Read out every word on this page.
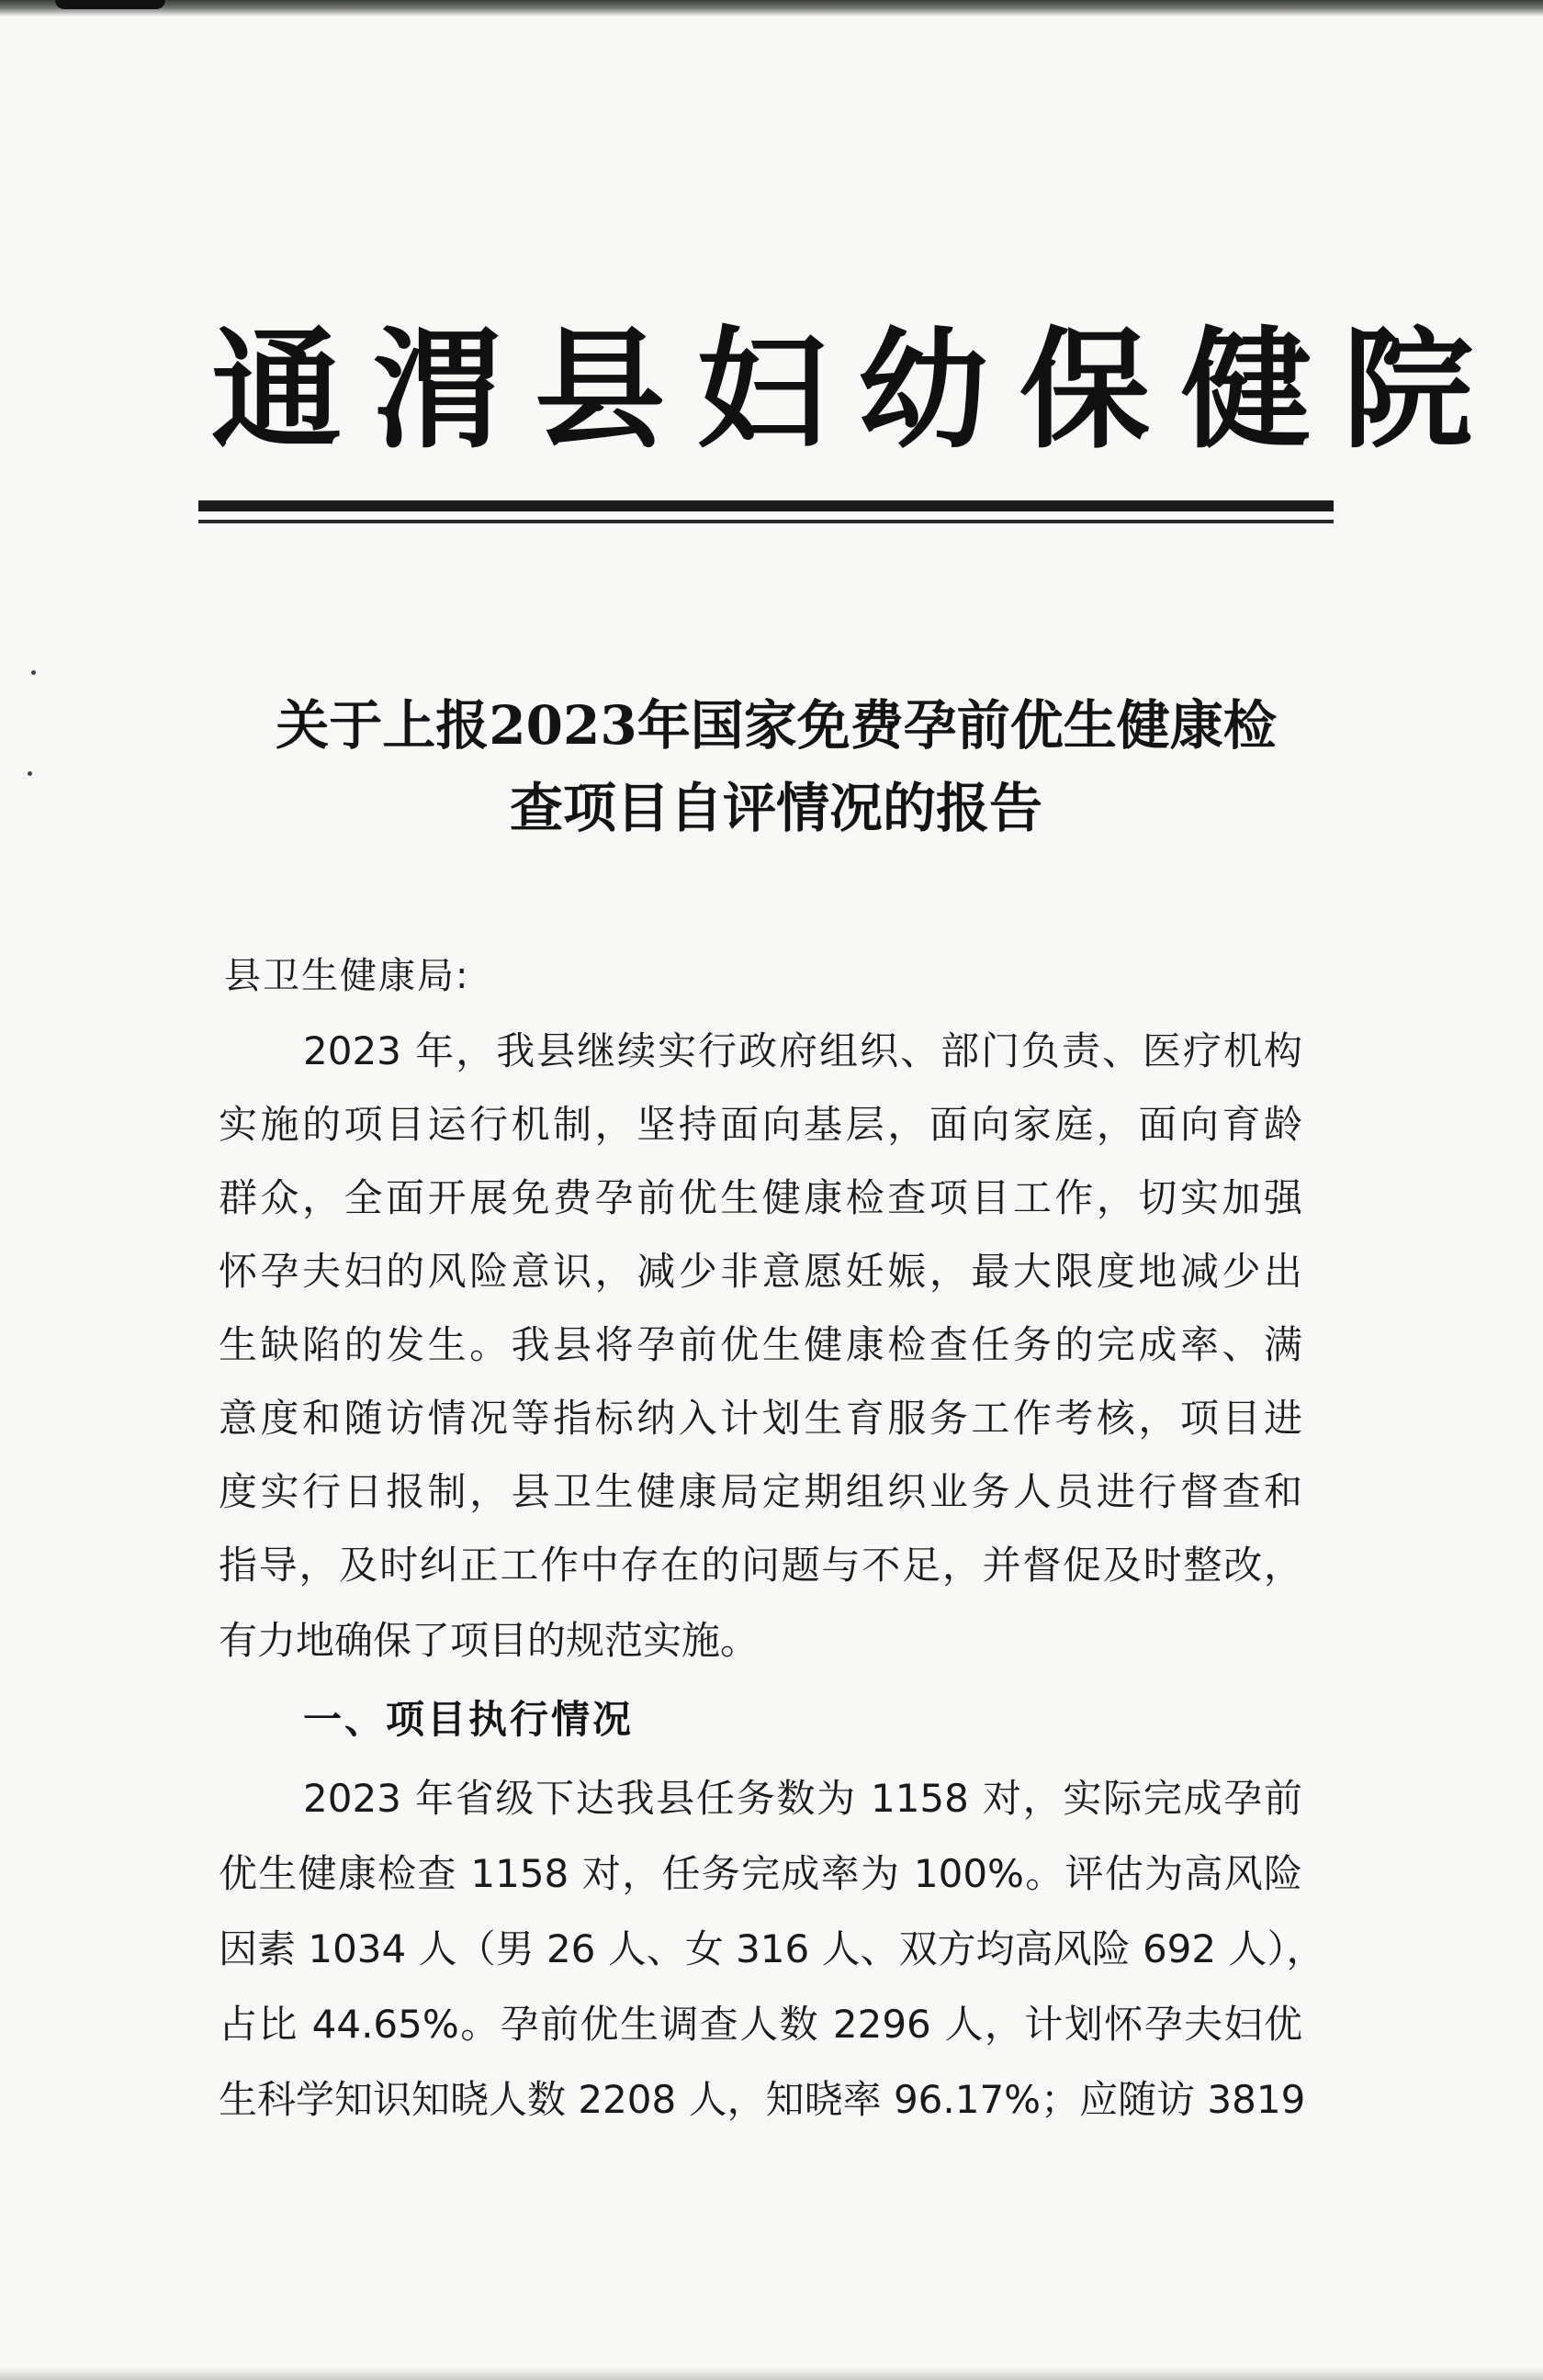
通渭县妇幼保健院
关于上报2023年国家免费孕前优生健康检
查项目自评情况的报告
县卫生健康局:
2023 年，我县继续实行政府组织、部门负责、医疗机构
实施的项目运行机制，坚持面向基层，面向家庭，面向育龄
群众，全面开展免费孕前优生健康检查项目工作，切实加强
怀孕夫妇的风险意识，减少非意愿妊娠，最大限度地减少出
生缺陷的发生。我县将孕前优生健康检查任务的完成率、满
意度和随访情况等指标纳入计划生育服务工作考核，项目进
度实行日报制，县卫生健康局定期组织业务人员进行督查和
指导，及时纠正工作中存在的问题与不足，并督促及时整改，
有力地确保了项目的规范实施。
一、项目执行情况
2023 年省级下达我县任务数为 1158 对，实际完成孕前
优生健康检查 1158 对，任务完成率为 100%。评估为高风险
因素 1034 人（男 26 人、女 316 人、双方均高风险 692 人），
占比 44.65%。孕前优生调查人数 2296 人，计划怀孕夫妇优
生科学知识知晓人数 2208 人，知晓率 96.17%；应随访 3819
